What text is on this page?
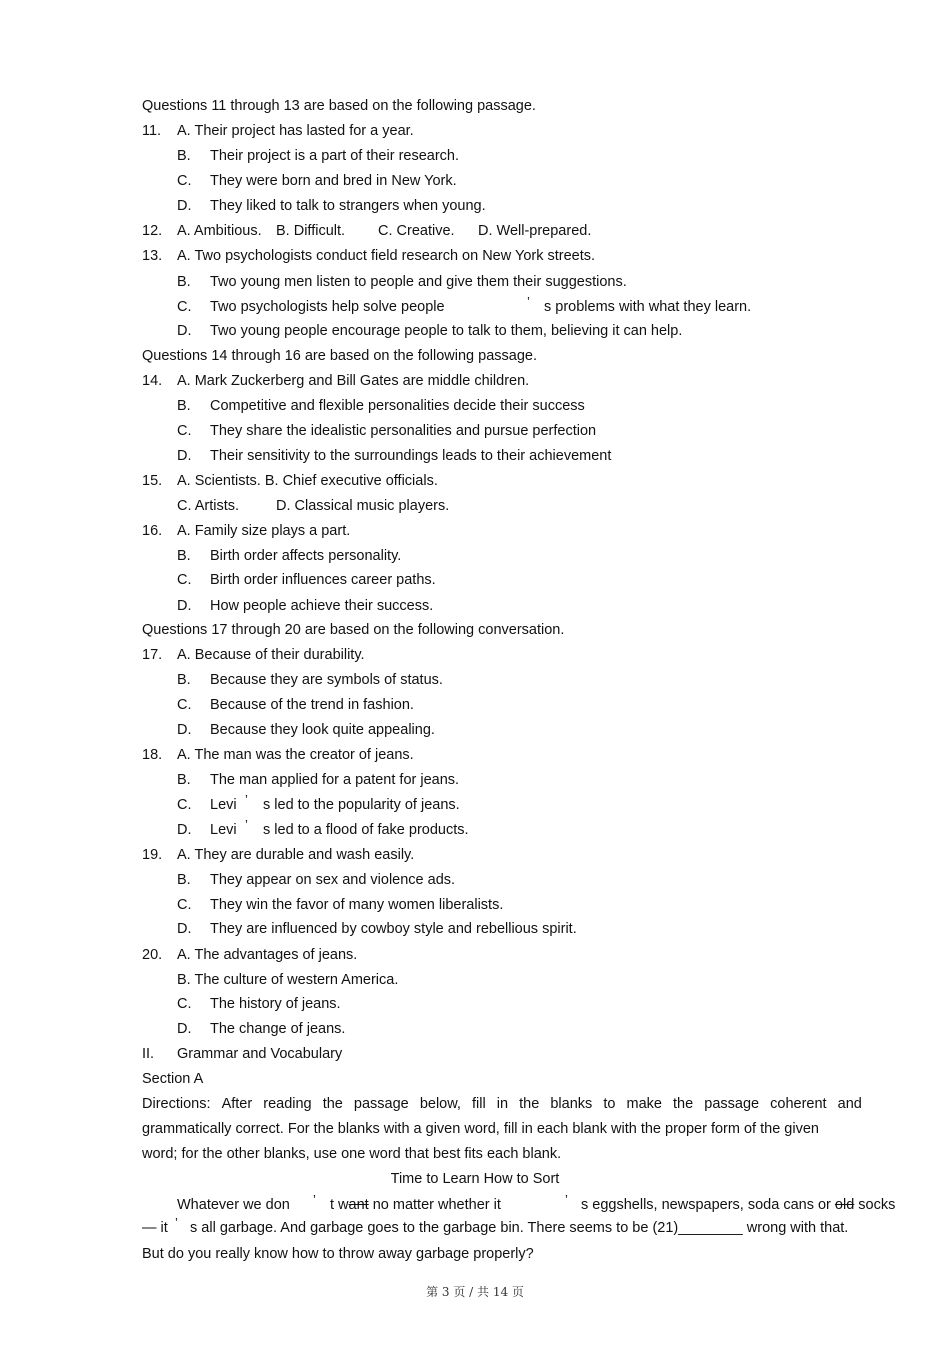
Questions 11 through 13 are based on the following passage.
11. A. Their project has lasted for a year.
B. Their project is a part of their research.
C. They were born and bred in New York.
D. They liked to talk to strangers when young.
12. A. Ambitious. B. Difficult. C. Creative. D. Well-prepared.
13. A. Two psychologists conduct field research on New York streets.
B. Two young men listen to people and give them their suggestions.
C. Two psychologists help solve people	’ s problems with what they learn.
D. Two young people encourage people to talk to them, believing it can help.
Questions 14 through 16 are based on the following passage.
14. A. Mark Zuckerberg and Bill Gates are middle children.
B. Competitive and flexible personalities decide their success
C. They share the idealistic personalities and pursue perfection
D. Their sensitivity to the surroundings leads to their achievement
15. A. Scientists. B. Chief executive officials.
C. Artists.	D. Classical music players.
16. A. Family size plays a part.
B. Birth order affects personality.
C. Birth order influences career paths.
D. How people achieve their success.
Questions 17 through 20 are based on the following conversation.
17. A. Because of their durability.
B. Because they are symbols of status.
C. Because of the trend in fashion.
D. Because they look quite appealing.
18. A. The man was the creator of jeans.
B. The man applied for a patent for jeans.
C. Levi ’ s led to the popularity of jeans.
D. Levi ’ s led to a flood of fake products.
19. A. They are durable and wash easily.
B. They appear on sex and violence ads.
C. They win the favor of many women liberalists.
D. They are influenced by cowboy style and rebellious spirit.
20. A. The advantages of jeans.
B. The culture of western America.
C. The history of jeans.
D. The change of jeans.
II. Grammar and Vocabulary
Section A
Directions: After reading the passage below, fill in the blanks to make the passage coherent and
grammatically correct. For the blanks with a given word, fill in each blank with the proper form of the given
word; for the other blanks, use one word that best fits each blank.
Time to Learn How to Sort
Whatever we don ’ t want no matter whether it	’ s eggshells, newspapers, soda cans or old socks
— it ’ s all garbage. And garbage goes to the garbage bin. There seems to be (21)________ wrong with that.
But do you really know how to throw away garbage properly?
第 3 页 / 共 14 页
